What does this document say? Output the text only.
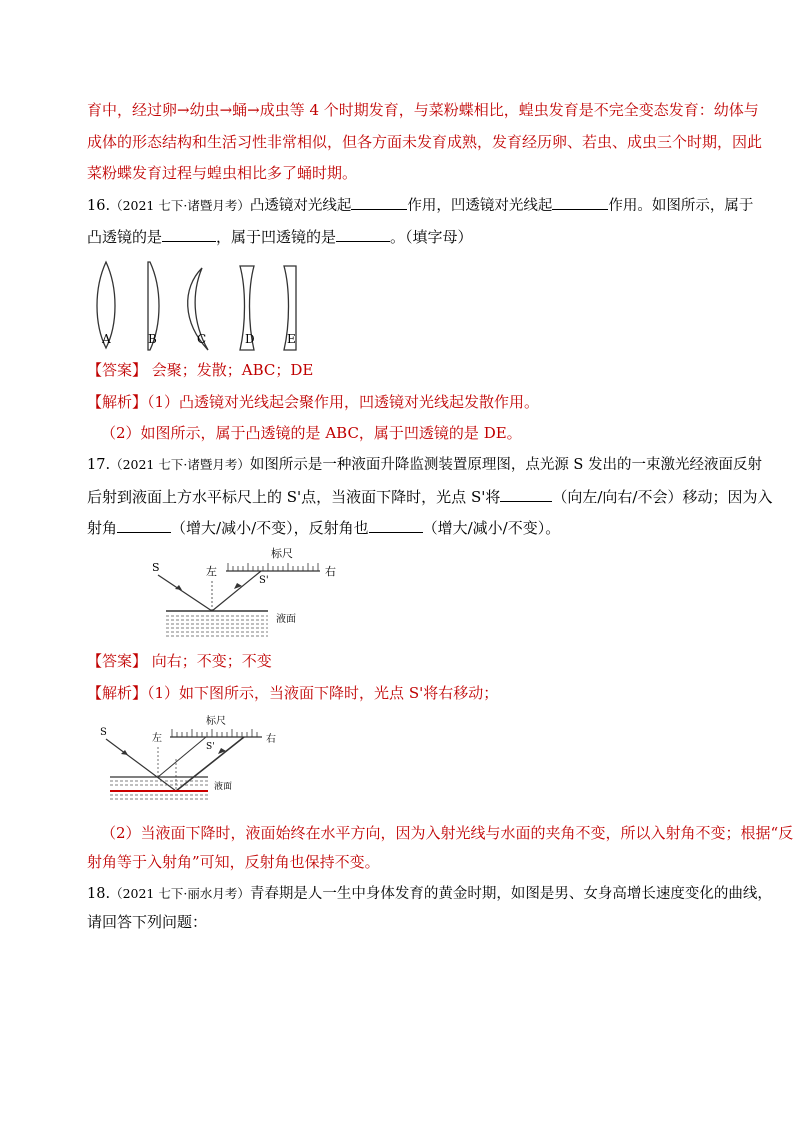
育中，经过卵→幼虫→蛹→成虫等 4 个时期发育，与菜粉蝶相比，蝗虫发育是不完全变态发育：幼体与
成体的形态结构和生活习性非常相似，但各方面未发育成熟，发育经历卵、若虫、成虫三个时期，因此
菜粉蝶发育过程与蝗虫相比多了蛹时期。
16.（2021 七下·诸暨月考）凸透镜对光线起	作用，凹透镜对光线起	作用。如图所示，属于
凸透镜的是	，属于凹透镜的是	。（填字母）
A	B	C	D	E
【答案】 会聚；发散；ABC；DE
【解析】（1）凸透镜对光线起会聚作用，凹透镜对光线起发散作用。
（2）如图所示，属于凸透镜的是 ABC，属于凹透镜的是 DE。
17.（2021 七下·诸暨月考）如图所示是一种液面升降监测装置原理图，点光源 S 发出的一束激光经液面反射
后射到液面上方水平标尺上的 S'点，当液面下降时，光点 S'将	（向左/向右/不会）移动；因为入
射角	（增大/减小/不变），反射角也	（增大/减小/不变）。
S
S'
标尺
左	右
液面
【答案】 向右；不变；不变
【解析】（1）如下图所示，当液面下降时，光点 S'将右移动；
S
S'
标尺
左	右
液面
（2）当液面下降时，液面始终在水平方向，因为入射光线与水面的夹角不变，所以入射角不变；根据“反
射角等于入射角”可知，反射角也保持不变。
18.（2021 七下·丽水月考）青春期是人一生中身体发育的黄金时期，如图是男、女身高增长速度变化的曲线，
请回答下列问题：
